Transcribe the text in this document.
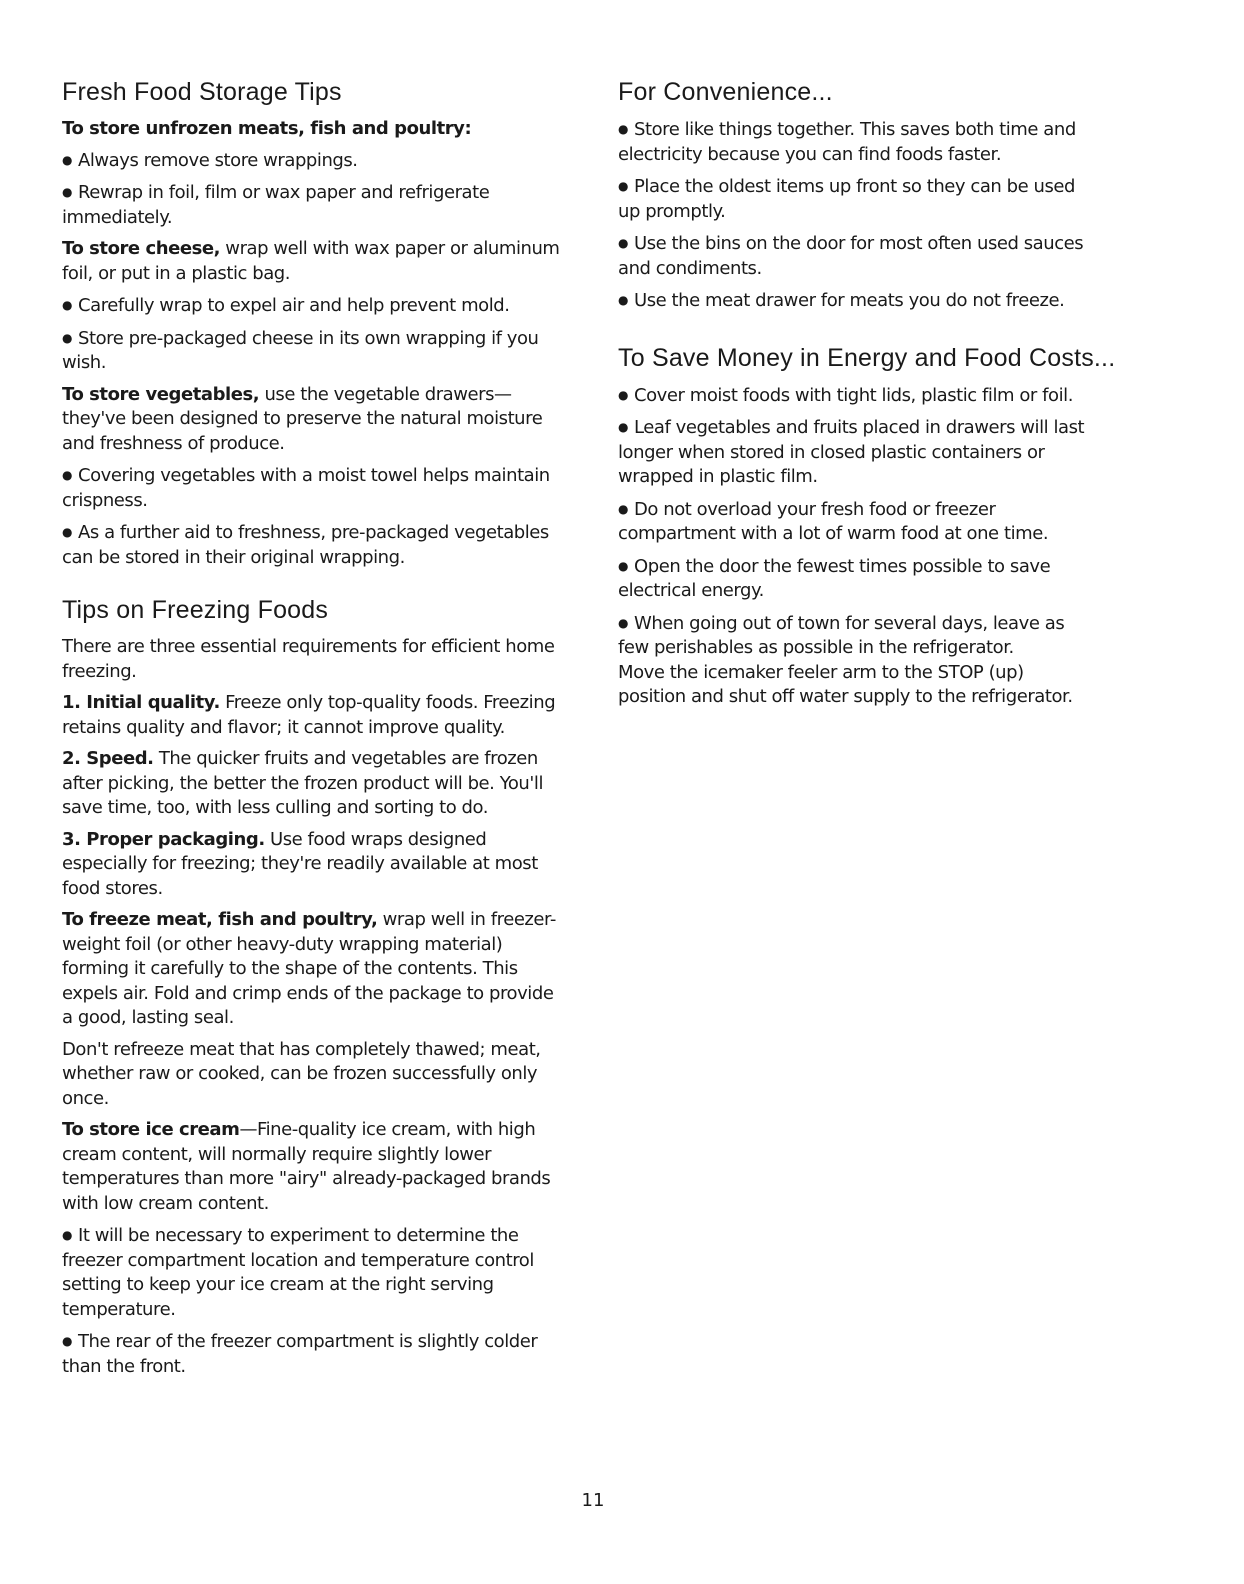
Fresh Food Storage Tips

To store unfrozen meats, fish and poultry:

● Always remove store wrappings.

● Rewrap in foil, film or wax paper and refrigerate immediately.

To store cheese, wrap well with wax paper or aluminum foil, or put in a plastic bag.

● Carefully wrap to expel air and help prevent mold.

● Store pre-packaged cheese in its own wrapping if you wish.

To store vegetables, use the vegetable drawers— they've been designed to preserve the natural moisture and freshness of produce.

● Covering vegetables with a moist towel helps maintain crispness.

● As a further aid to freshness, pre-packaged vegetables can be stored in their original wrapping.

Tips on Freezing Foods

There are three essential requirements for efficient home freezing.

1. Initial quality. Freeze only top-quality foods. Freezing retains quality and flavor; it cannot improve quality.

2. Speed. The quicker fruits and vegetables are frozen after picking, the better the frozen product will be. You'll save time, too, with less culling and sorting to do.

3. Proper packaging. Use food wraps designed especially for freezing; they're readily available at most food stores.

To freeze meat, fish and poultry, wrap well in freezer-weight foil (or other heavy-duty wrapping material) forming it carefully to the shape of the contents. This expels air. Fold and crimp ends of the package to provide a good, lasting seal.

Don't refreeze meat that has completely thawed; meat, whether raw or cooked, can be frozen successfully only once.

To store ice cream—Fine-quality ice cream, with high cream content, will normally require slightly lower temperatures than more "airy" already-packaged brands with low cream content.

● It will be necessary to experiment to determine the freezer compartment location and temperature control setting to keep your ice cream at the right serving temperature.

● The rear of the freezer compartment is slightly colder than the front.

For Convenience...

● Store like things together. This saves both time and electricity because you can find foods faster.

● Place the oldest items up front so they can be used up promptly.

● Use the bins on the door for most often used sauces and condiments.

● Use the meat drawer for meats you do not freeze.

To Save Money in Energy and Food Costs...

● Cover moist foods with tight lids, plastic film or foil.

● Leaf vegetables and fruits placed in drawers will last longer when stored in closed plastic containers or wrapped in plastic film.

● Do not overload your fresh food or freezer compartment with a lot of warm food at one time.

● Open the door the fewest times possible to save electrical energy.

● When going out of town for several days, leave as few perishables as possible in the refrigerator.
Move the icemaker feeler arm to the STOP (up) position and shut off water supply to the refrigerator.

11
